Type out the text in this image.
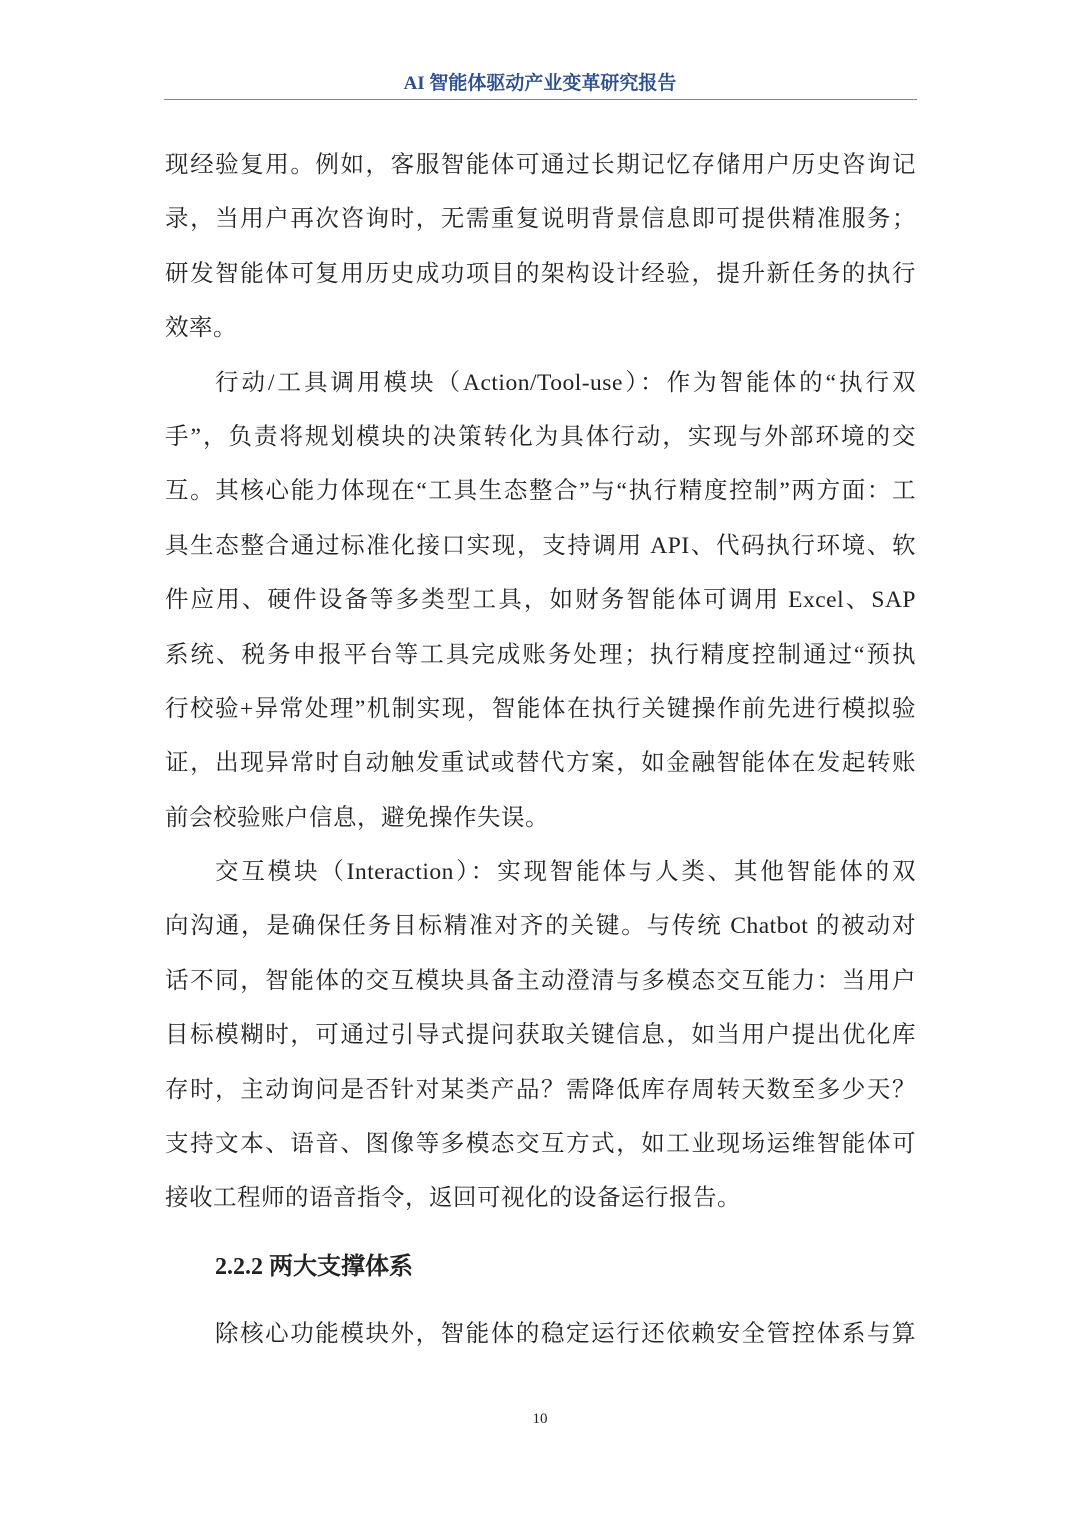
AI 智能体驱动产业变革研究报告
现经验复用。例如，客服智能体可通过长期记忆存储用户历史咨询记
录，当用户再次咨询时，无需重复说明背景信息即可提供精准服务；
研发智能体可复用历史成功项目的架构设计经验，提升新任务的执行
效率。
行动/工具调用模块（Action/Tool-use）：作为智能体的“执行双
手”，负责将规划模块的决策转化为具体行动，实现与外部环境的交
互。其核心能力体现在“工具生态整合”与“执行精度控制”两方面：工
具生态整合通过标准化接口实现，支持调用 API、代码执行环境、软
件应用、硬件设备等多类型工具，如财务智能体可调用 Excel、SAP
系统、税务申报平台等工具完成账务处理；执行精度控制通过“预执
行校验+异常处理”机制实现，智能体在执行关键操作前先进行模拟验
证，出现异常时自动触发重试或替代方案，如金融智能体在发起转账
前会校验账户信息，避免操作失误。
交互模块（Interaction）：实现智能体与人类、其他智能体的双
向沟通，是确保任务目标精准对齐的关键。与传统 Chatbot 的被动对
话不同，智能体的交互模块具备主动澄清与多模态交互能力：当用户
目标模糊时，可通过引导式提问获取关键信息，如当用户提出优化库
存时，主动询问是否针对某类产品？需降低库存周转天数至多少天？
支持文本、语音、图像等多模态交互方式，如工业现场运维智能体可
接收工程师的语音指令，返回可视化的设备运行报告。
2.2.2 两大支撑体系
除核心功能模块外，智能体的稳定运行还依赖安全管控体系与算
10
